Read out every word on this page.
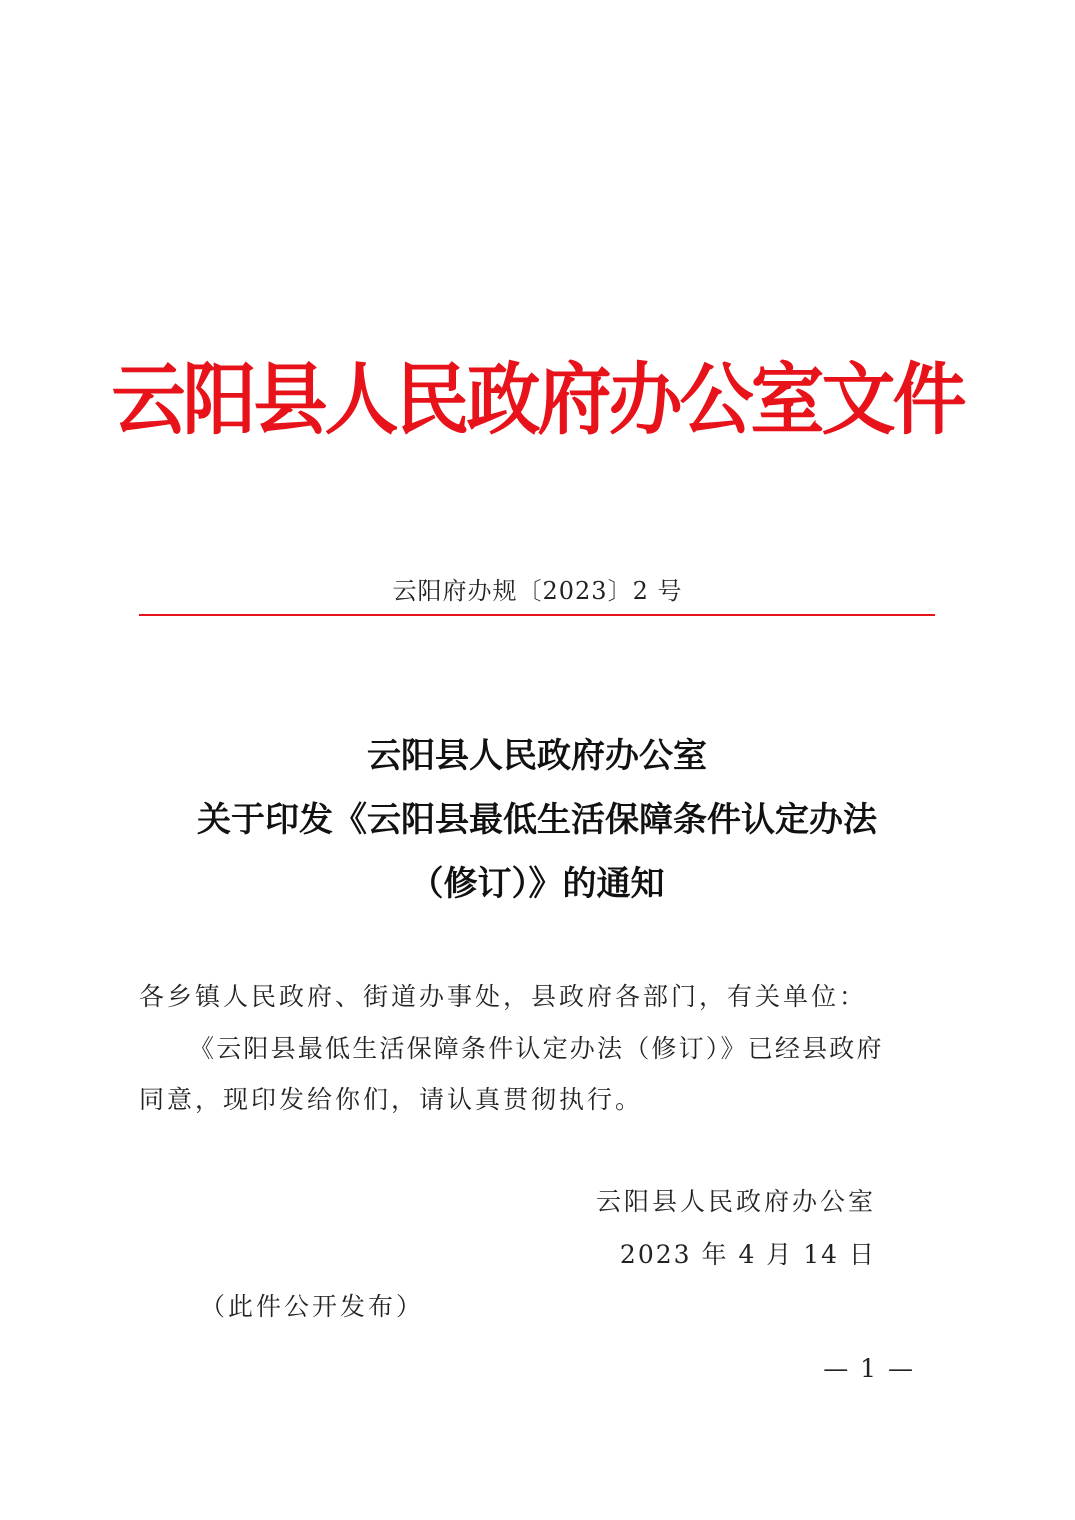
云阳县人民政府办公室文件
云阳府办规〔2023〕2 号
云阳县人民政府办公室
关于印发《云阳县最低生活保障条件认定办法
（修订）》的通知
各乡镇人民政府、街道办事处，县政府各部门，有关单位：
《云阳县最低生活保障条件认定办法（修订）》已经县政府
同意，现印发给你们，请认真贯彻执行。
云阳县人民政府办公室
2023 年 4 月 14 日
（此件公开发布）
— 1 —
